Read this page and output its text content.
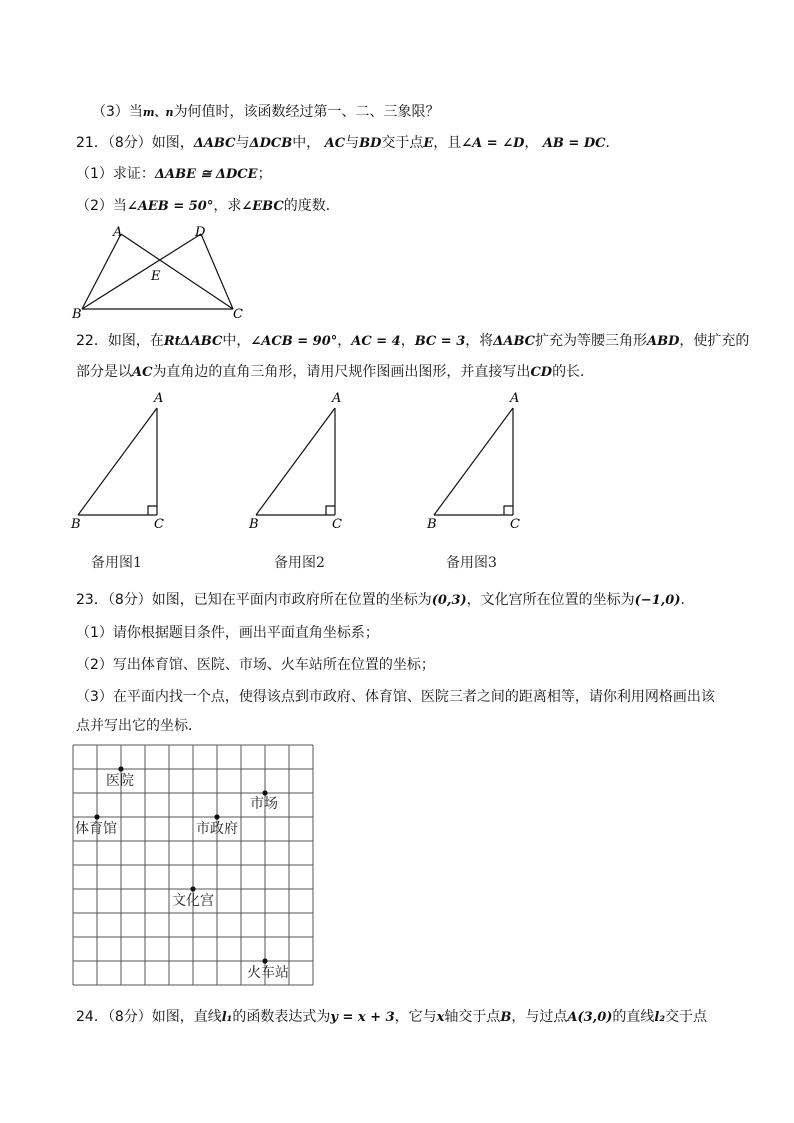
（3）当m、n为何值时，该函数经过第一、二、三象限？
21．（8分）如图，ΔABC与ΔDCB中， AC与BD交于点E，且∠A = ∠D， AB = DC．
（1）求证：ΔABE ≅ ΔDCE；
（2）当∠AEB = 50°，求∠EBC的度数．
A	D
E
B	C
22．如图，在RtΔABC中，∠ACB = 90°，AC = 4，BC = 3，将ΔABC扩充为等腰三角形ABD，使扩充的
部分是以AC为直角边的直角三角形，请用尺规作图画出图形，并直接写出CD的长．
A
B	C
备用图1
A
B	C
备用图2
A
B	C
备用图3
23．（8分）如图，已知在平面内市政府所在位置的坐标为(0,3)，文化宫所在位置的坐标为(−1,0)．
（1）请你根据题目条件，画出平面直角坐标系；
（2）写出体育馆、医院、市场、火车站所在位置的坐标；
（3）在平面内找一个点，使得该点到市政府、体育馆、医院三者之间的距离相等，请你利用网格画出该
点并写出它的坐标．
医院
市场
体育馆	市政府
文化宫
火车站
24．（8分）如图，直线l₁的函数表达式为y = x + 3，它与x轴交于点B，与过点A(3,0)的直线l₂交于点
